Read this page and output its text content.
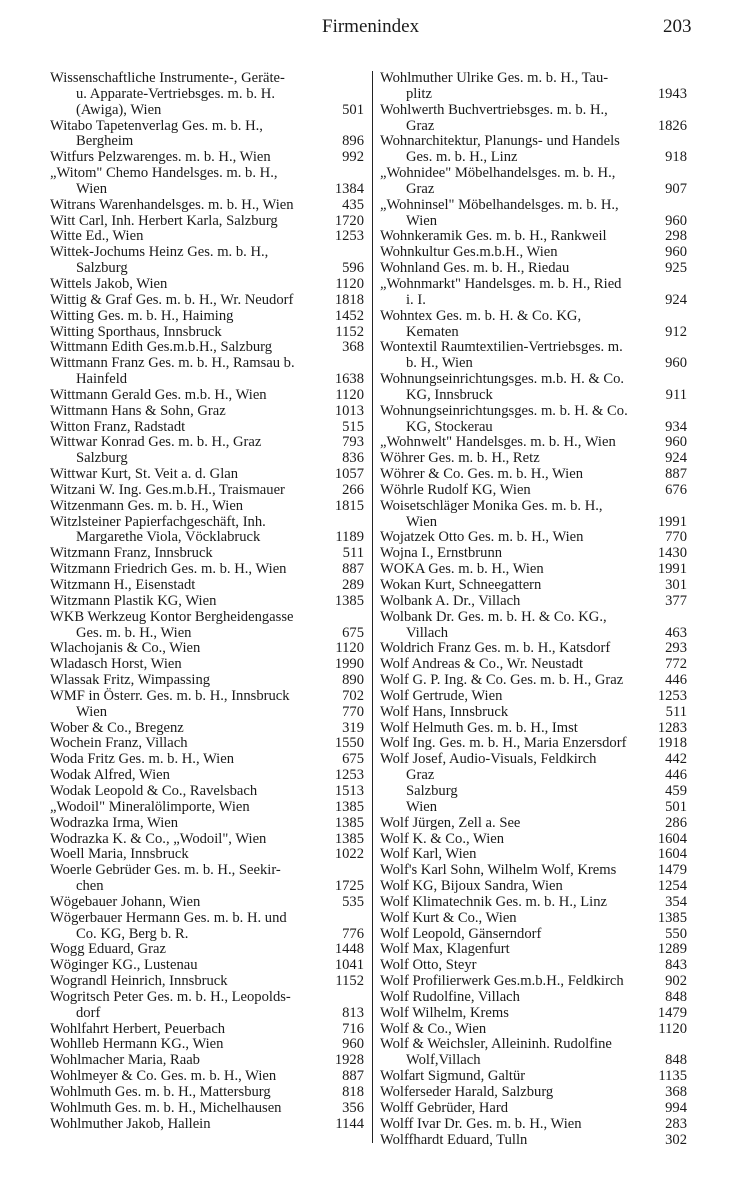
Firmenindex	203
Wissenschaftliche Instrumente-, Geräte-
u. Apparate-Vertriebsges. m. b. H.
(Awiga), Wien	501
Witabo Tapetenverlag Ges. m. b. H.,
Bergheim	896
Witfurs Pelzwarenges. m. b. H., Wien	992
„Witom" Chemo Handelsges. m. b. H.,
Wien	1384
Witrans Warenhandelsges. m. b. H., Wien	435
Witt Carl, Inh. Herbert Karla, Salzburg	1720
Witte Ed., Wien	1253
Wittek-Jochums Heinz Ges. m. b. H.,
Salzburg	596
Wittels Jakob, Wien	1120
Wittig & Graf Ges. m. b. H., Wr. Neudorf	1818
Witting Ges. m. b. H., Haiming	1452
Witting Sporthaus, Innsbruck	1152
Wittmann Edith Ges.m.b.H., Salzburg	368
Wittmann Franz Ges. m. b. H., Ramsau b.
Hainfeld	1638
Wittmann Gerald Ges. m.b. H., Wien	1120
Wittmann Hans & Sohn, Graz	1013
Witton Franz, Radstadt	515
Wittwar Konrad Ges. m. b. H., Graz	793
Salzburg	836
Wittwar Kurt, St. Veit a. d. Glan	1057
Witzani W. Ing. Ges.m.b.H., Traismauer	266
Witzenmann Ges. m. b. H., Wien	1815
Witzlsteiner Papierfachgeschäft, Inh.
Margarethe Viola, Vöcklabruck	1189
Witzmann Franz, Innsbruck	511
Witzmann Friedrich Ges. m. b. H., Wien	887
Witzmann H., Eisenstadt	289
Witzmann Plastik KG, Wien	1385
WKB Werkzeug Kontor Bergheidengasse
Ges. m. b. H., Wien	675
Wlachojanis & Co., Wien	1120
Wladasch Horst, Wien	1990
Wlassak Fritz, Wimpassing	890
WMF in Österr. Ges. m. b. H., Innsbruck	702
Wien	770
Wober & Co., Bregenz	319
Wochein Franz, Villach	1550
Woda Fritz Ges. m. b. H., Wien	675
Wodak Alfred, Wien	1253
Wodak Leopold & Co., Ravelsbach	1513
„Wodoil" Mineralölimporte, Wien	1385
Wodrazka Irma, Wien	1385
Wodrazka K. & Co., „Wodoil", Wien	1385
Woell Maria, Innsbruck	1022
Woerle Gebrüder Ges. m. b. H., Seekir-
chen	1725
Wögebauer Johann, Wien	535
Wögerbauer Hermann Ges. m. b. H. und
Co. KG, Berg b. R.	776
Wogg Eduard, Graz	1448
Wöginger KG., Lustenau	1041
Wograndl Heinrich, Innsbruck	1152
Wogritsch Peter Ges. m. b. H., Leopolds-
dorf	813
Wohlfahrt Herbert, Peuerbach	716
Wohlleb Hermann KG., Wien	960
Wohlmacher Maria, Raab	1928
Wohlmeyer & Co. Ges. m. b. H., Wien	887
Wohlmuth Ges. m. b. H., Mattersburg	818
Wohlmuth Ges. m. b. H., Michelhausen	356
Wohlmuther Jakob, Hallein	1144
Wohlmuther Ulrike Ges. m. b. H., Tau-
plitz	1943
Wohlwerth Buchvertriebsges. m. b. H.,
Graz	1826
Wohnarchitektur, Planungs- und Handels
Ges. m. b. H., Linz	918
„Wohnidee" Möbelhandelsges. m. b. H.,
Graz	907
„Wohninsel" Möbelhandelsges. m. b. H.,
Wien	960
Wohnkeramik Ges. m. b. H., Rankweil	298
Wohnkultur Ges.m.b.H., Wien	960
Wohnland Ges. m. b. H., Riedau	925
„Wohnmarkt" Handelsges. m. b. H., Ried
i. I.	924
Wohntex Ges. m. b. H. & Co. KG,
Kematen	912
Wontextil Raumtextilien-Vertriebsges. m.
b. H., Wien	960
Wohnungseinrichtungsges. m.b. H. & Co.
KG, Innsbruck	911
Wohnungseinrichtungsges. m. b. H. & Co.
KG, Stockerau	934
„Wohnwelt" Handelsges. m. b. H., Wien	960
Wöhrer Ges. m. b. H., Retz	924
Wöhrer & Co. Ges. m. b. H., Wien	887
Wöhrle Rudolf KG, Wien	676
Woisetschläger Monika Ges. m. b. H.,
Wien	1991
Wojatzek Otto Ges. m. b. H., Wien	770
Wojna I., Ernstbrunn	1430
WOKA Ges. m. b. H., Wien	1991
Wokan Kurt, Schneegattern	301
Wolbank A. Dr., Villach	377
Wolbank Dr. Ges. m. b. H. & Co. KG.,
Villach	463
Woldrich Franz Ges. m. b. H., Katsdorf	293
Wolf Andreas & Co., Wr. Neustadt	772
Wolf G. P. Ing. & Co. Ges. m. b. H., Graz	446
Wolf Gertrude, Wien	1253
Wolf Hans, Innsbruck	511
Wolf Helmuth Ges. m. b. H., Imst	1283
Wolf Ing. Ges. m. b. H., Maria Enzersdorf	1918
Wolf Josef, Audio-Visuals, Feldkirch	442
Graz	446
Salzburg	459
Wien	501
Wolf Jürgen, Zell a. See	286
Wolf K. & Co., Wien	1604
Wolf Karl, Wien	1604
Wolf's Karl Sohn, Wilhelm Wolf, Krems	1479
Wolf KG, Bijoux Sandra, Wien	1254
Wolf Klimatechnik Ges. m. b. H., Linz	354
Wolf Kurt & Co., Wien	1385
Wolf Leopold, Gänserndorf	550
Wolf Max, Klagenfurt	1289
Wolf Otto, Steyr	843
Wolf Profilierwerk Ges.m.b.H., Feldkirch	902
Wolf Rudolfine, Villach	848
Wolf Wilhelm, Krems	1479
Wolf & Co., Wien	1120
Wolf & Weichsler, Alleininh. Rudolfine
Wolf,Villach	848
Wolfart Sigmund, Galtür	1135
Wolferseder Harald, Salzburg	368
Wolff Gebrüder, Hard	994
Wolff Ivar Dr. Ges. m. b. H., Wien	283
Wolffhardt Eduard, Tulln	302
